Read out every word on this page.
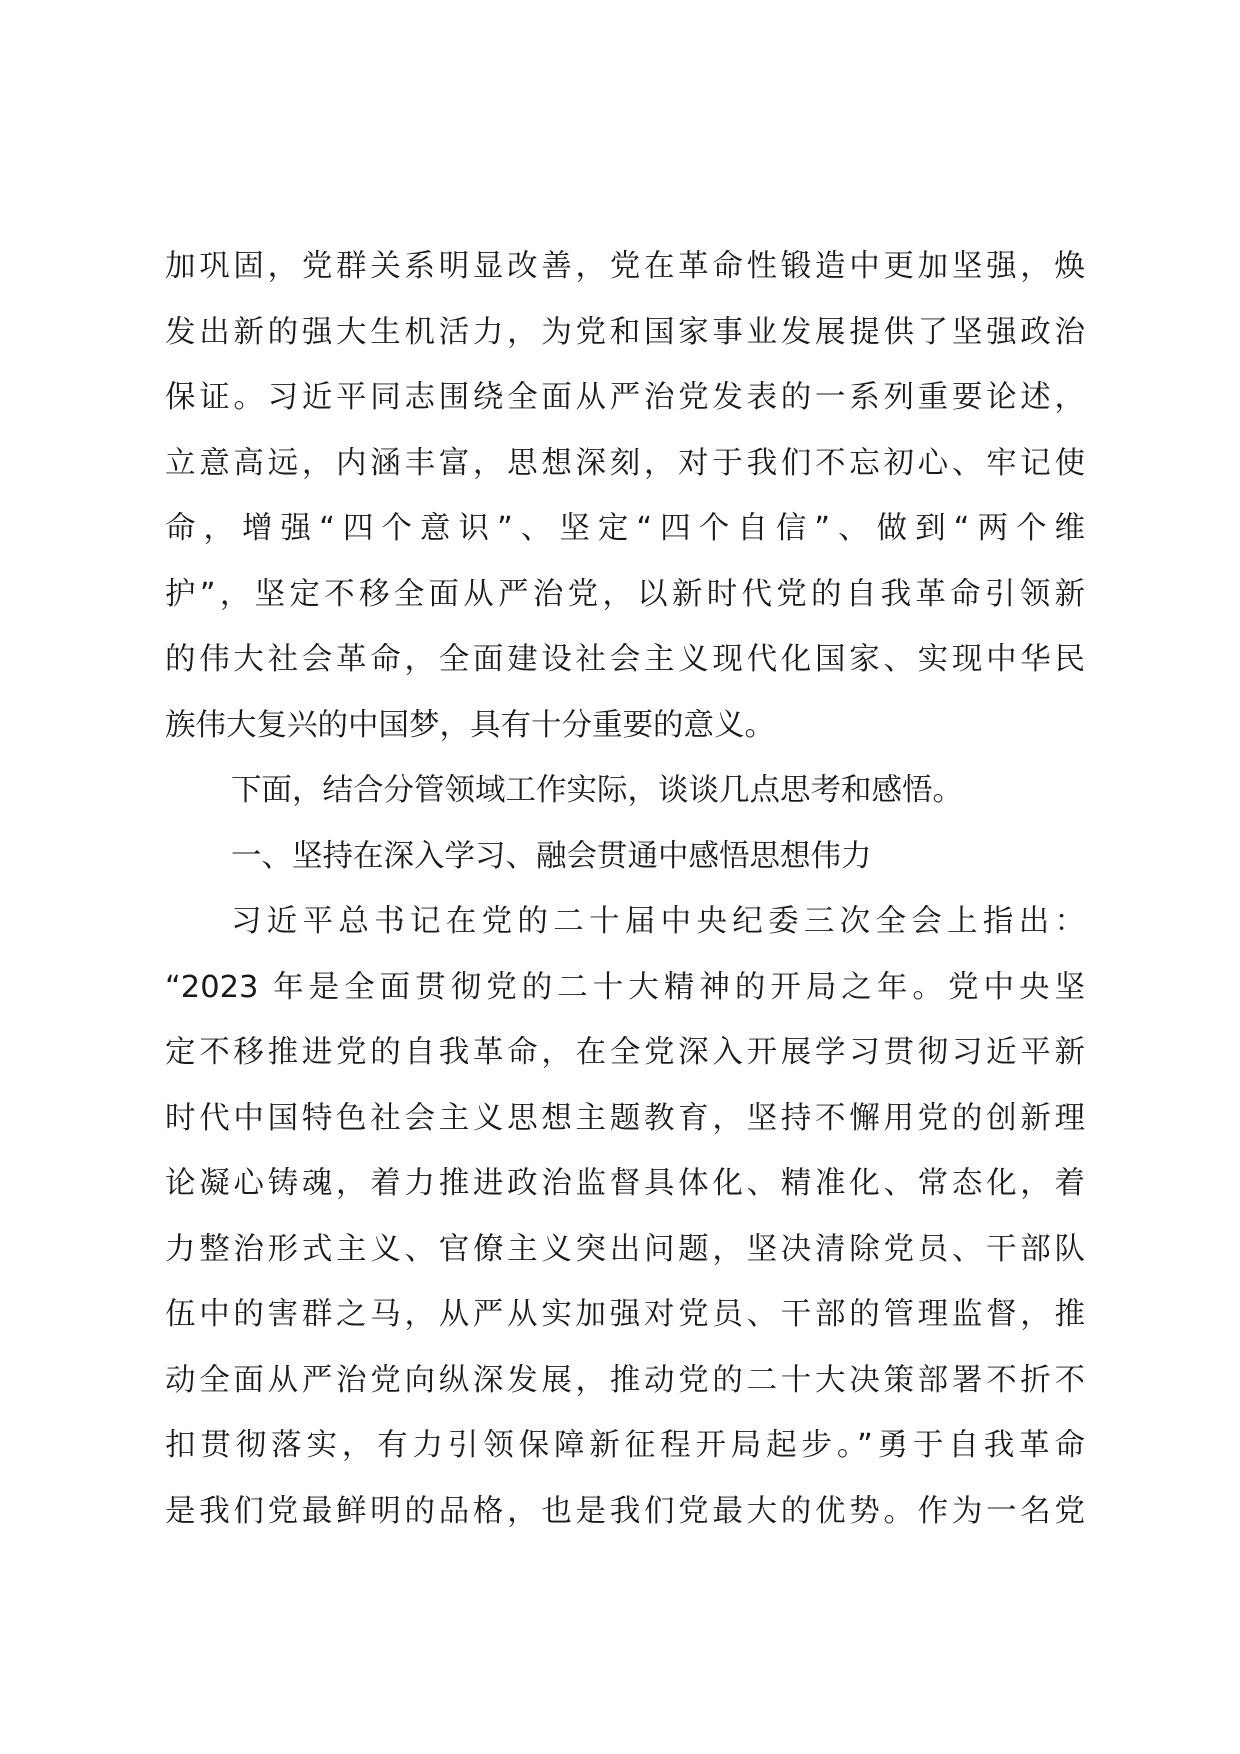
加巩固，党群关系明显改善，党在革命性锻造中更加坚强，焕
发出新的强大生机活力，为党和国家事业发展提供了坚强政治
保证。习近平同志围绕全面从严治党发表的一系列重要论述，
立意高远，内涵丰富，思想深刻，对于我们不忘初心、牢记使
命，增强“四个意识”、坚定“四个自信”、做到“两个维
护”，坚定不移全面从严治党，以新时代党的自我革命引领新
的伟大社会革命，全面建设社会主义现代化国家、实现中华民
族伟大复兴的中国梦，具有十分重要的意义。
下面，结合分管领域工作实际，谈谈几点思考和感悟。
一、坚持在深入学习、融会贯通中感悟思想伟力
习近平总书记在党的二十届中央纪委三次全会上指出：
“2023 年是全面贯彻党的二十大精神的开局之年。党中央坚
定不移推进党的自我革命，在全党深入开展学习贯彻习近平新
时代中国特色社会主义思想主题教育，坚持不懈用党的创新理
论凝心铸魂，着力推进政治监督具体化、精准化、常态化，着
力整治形式主义、官僚主义突出问题，坚决清除党员、干部队
伍中的害群之马，从严从实加强对党员、干部的管理监督，推
动全面从严治党向纵深发展，推动党的二十大决策部署不折不
扣贯彻落实，有力引领保障新征程开局起步。”勇于自我革命
是我们党最鲜明的品格，也是我们党最大的优势。作为一名党
